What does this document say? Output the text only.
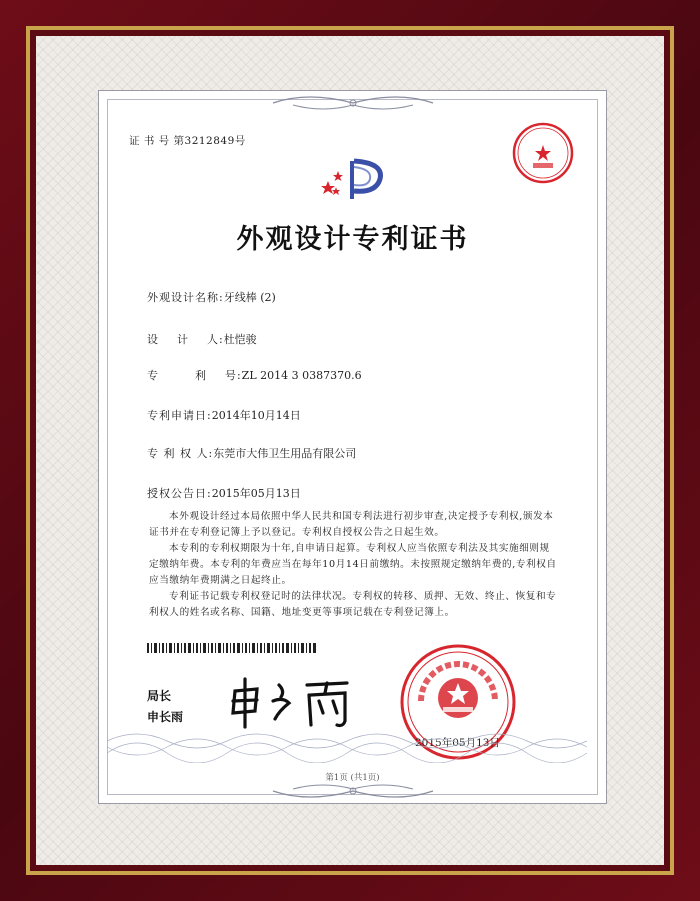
证 书 号 第3212849号
外观设计专利证书
外观设计名称:牙线棒 (2)
设    计    人:杜恺骏
专        利    号:ZL 2014 3 0387370.6
专利申请日:2014年10月14日
专 利 权 人:东莞市大伟卫生用品有限公司
授权公告日:2015年05月13日

本外观设计经过本局依照中华人民共和国专利法进行初步审查,决定授予专利权,颁发本证书并在专利登记簿上予以登记。专利权自授权公告之日起生效。

本专利的专利权期限为十年,自申请日起算。专利权人应当依照专利法及其实施细则规定缴纳年费。本专利的年费应当在每年10月14日前缴纳。未按照规定缴纳年费的,专利权自应当缴纳年费期满之日起终止。

专利证书记载专利权登记时的法律状况。专利权的转移、质押、无效、终止、恢复和专利权人的姓名或名称、国籍、地址变更等事项记载在专利登记簿上。

局长
申长雨
2015年05月13日
第1页 (共1页)
